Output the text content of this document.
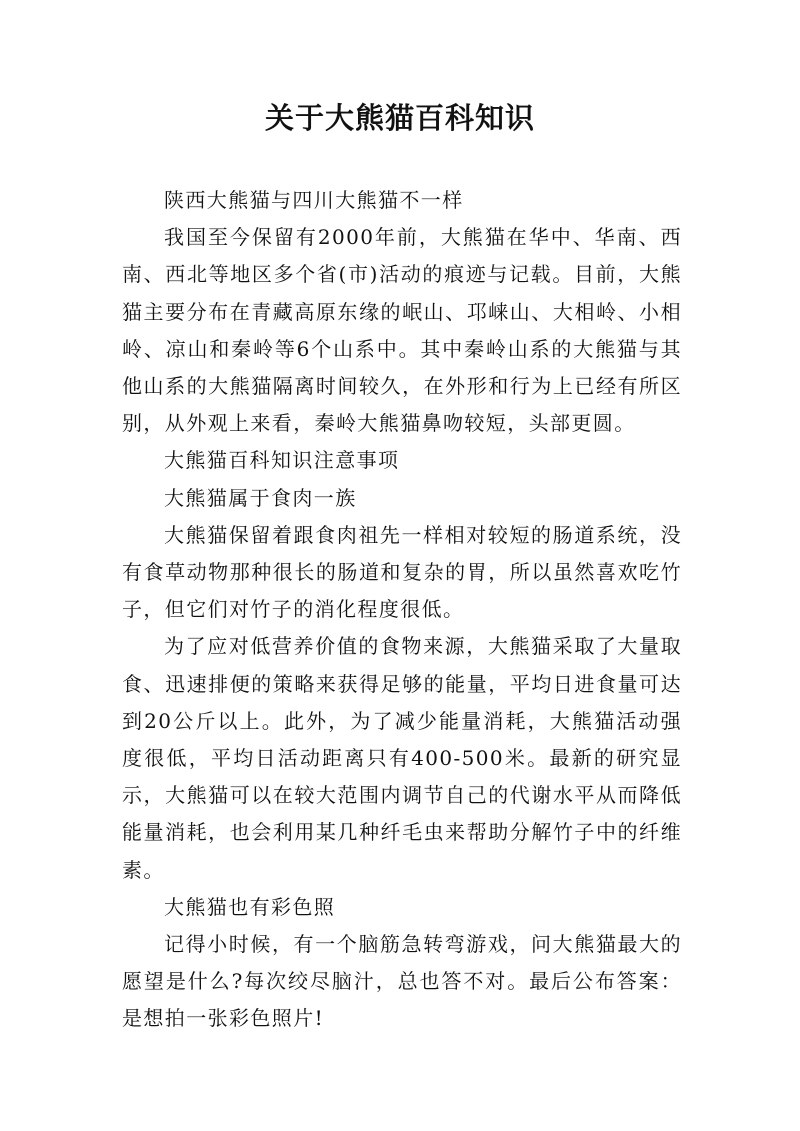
关于大熊猫百科知识

陕西大熊猫与四川大熊猫不一样

我国至今保留有2000年前，大熊猫在华中、华南、西南、西北等地区多个省(市)活动的痕迹与记载。目前，大熊猫主要分布在青藏高原东缘的岷山、邛崃山、大相岭、小相岭、凉山和秦岭等6个山系中。其中秦岭山系的大熊猫与其他山系的大熊猫隔离时间较久，在外形和行为上已经有所区别，从外观上来看，秦岭大熊猫鼻吻较短，头部更圆。

大熊猫百科知识注意事项

大熊猫属于食肉一族

大熊猫保留着跟食肉祖先一样相对较短的肠道系统，没有食草动物那种很长的肠道和复杂的胃，所以虽然喜欢吃竹子，但它们对竹子的消化程度很低。

为了应对低营养价值的食物来源，大熊猫采取了大量取食、迅速排便的策略来获得足够的能量，平均日进食量可达到20公斤以上。此外，为了减少能量消耗，大熊猫活动强度很低，平均日活动距离只有400-500米。最新的研究显示，大熊猫可以在较大范围内调节自己的代谢水平从而降低能量消耗，也会利用某几种纤毛虫来帮助分解竹子中的纤维素。

大熊猫也有彩色照

记得小时候，有一个脑筋急转弯游戏，问大熊猫最大的愿望是什么?每次绞尽脑汁，总也答不对。最后公布答案：是想拍一张彩色照片!
